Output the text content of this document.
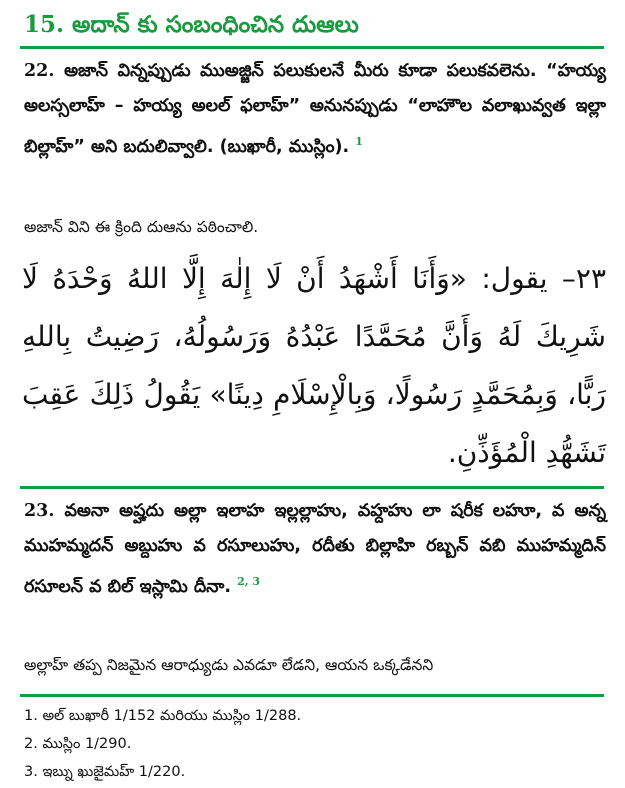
15. అదాన్ కు సంబంధించిన దుఆలు
22. అజాన్ విన్నప్పుడు ముఅజ్జిన్ పలుకులనే మీరు కూడా పలుకవలెను. “హయ్య అలస్సలాహ్ – హయ్య అలల్ ఫలాహ్” అనునప్పుడు “లాహౌల వలాఖువ్వత ఇల్లా బిల్లాహ్” అని బదులివ్వాలి. (బుఖారీ, ముస్లిం). $^1$
అజాన్ విని ఈ క్రింది దుఆను పఠించాలి.
٢٣– يقول: «وَأَنَا أَشْهَدُ أَنْ لَا إِلٰهَ إِلَّا اللهُ وَحْدَهُ لَا شَرِيكَ لَهُ وَأَنَّ مُحَمَّدًا عَبْدُهُ وَرَسُولُهُ، رَضِيتُ بِاللهِ رَبًّا، وَبِمُحَمَّدٍ رَسُولًا، وَبِالْإِسْلَامِ دِينًا» يَقُولُ ذَلِكَ عَقِبَ تَشَهُّدِ الْمُؤَذِّنِ.
23. వఅనా అష్హదు అల్లా ఇలాహ ఇల్లల్లాహు, వహ్దహు లా షరీక లహూ, వ అన్న ముహమ్మదన్ అబ్దుహు వ రసూలుహు, రదీతు బిల్లాహి రబ్బన్ వబి ముహమ్మదిన్ రసూలన్ వ బిల్ ఇస్లామి దీనా. $^{2, 3}$
అల్లాహ్ తప్ప నిజమైన ఆరాధ్యుడు ఎవడూ లేడని, ఆయన ఒక్కడేనని
1. అల్ బుఖారీ 1/152 మరియు ముస్లిం 1/288.
2. ముస్లిం 1/290.
3. ఇబ్ను ఖుజైమహ్ 1/220.
